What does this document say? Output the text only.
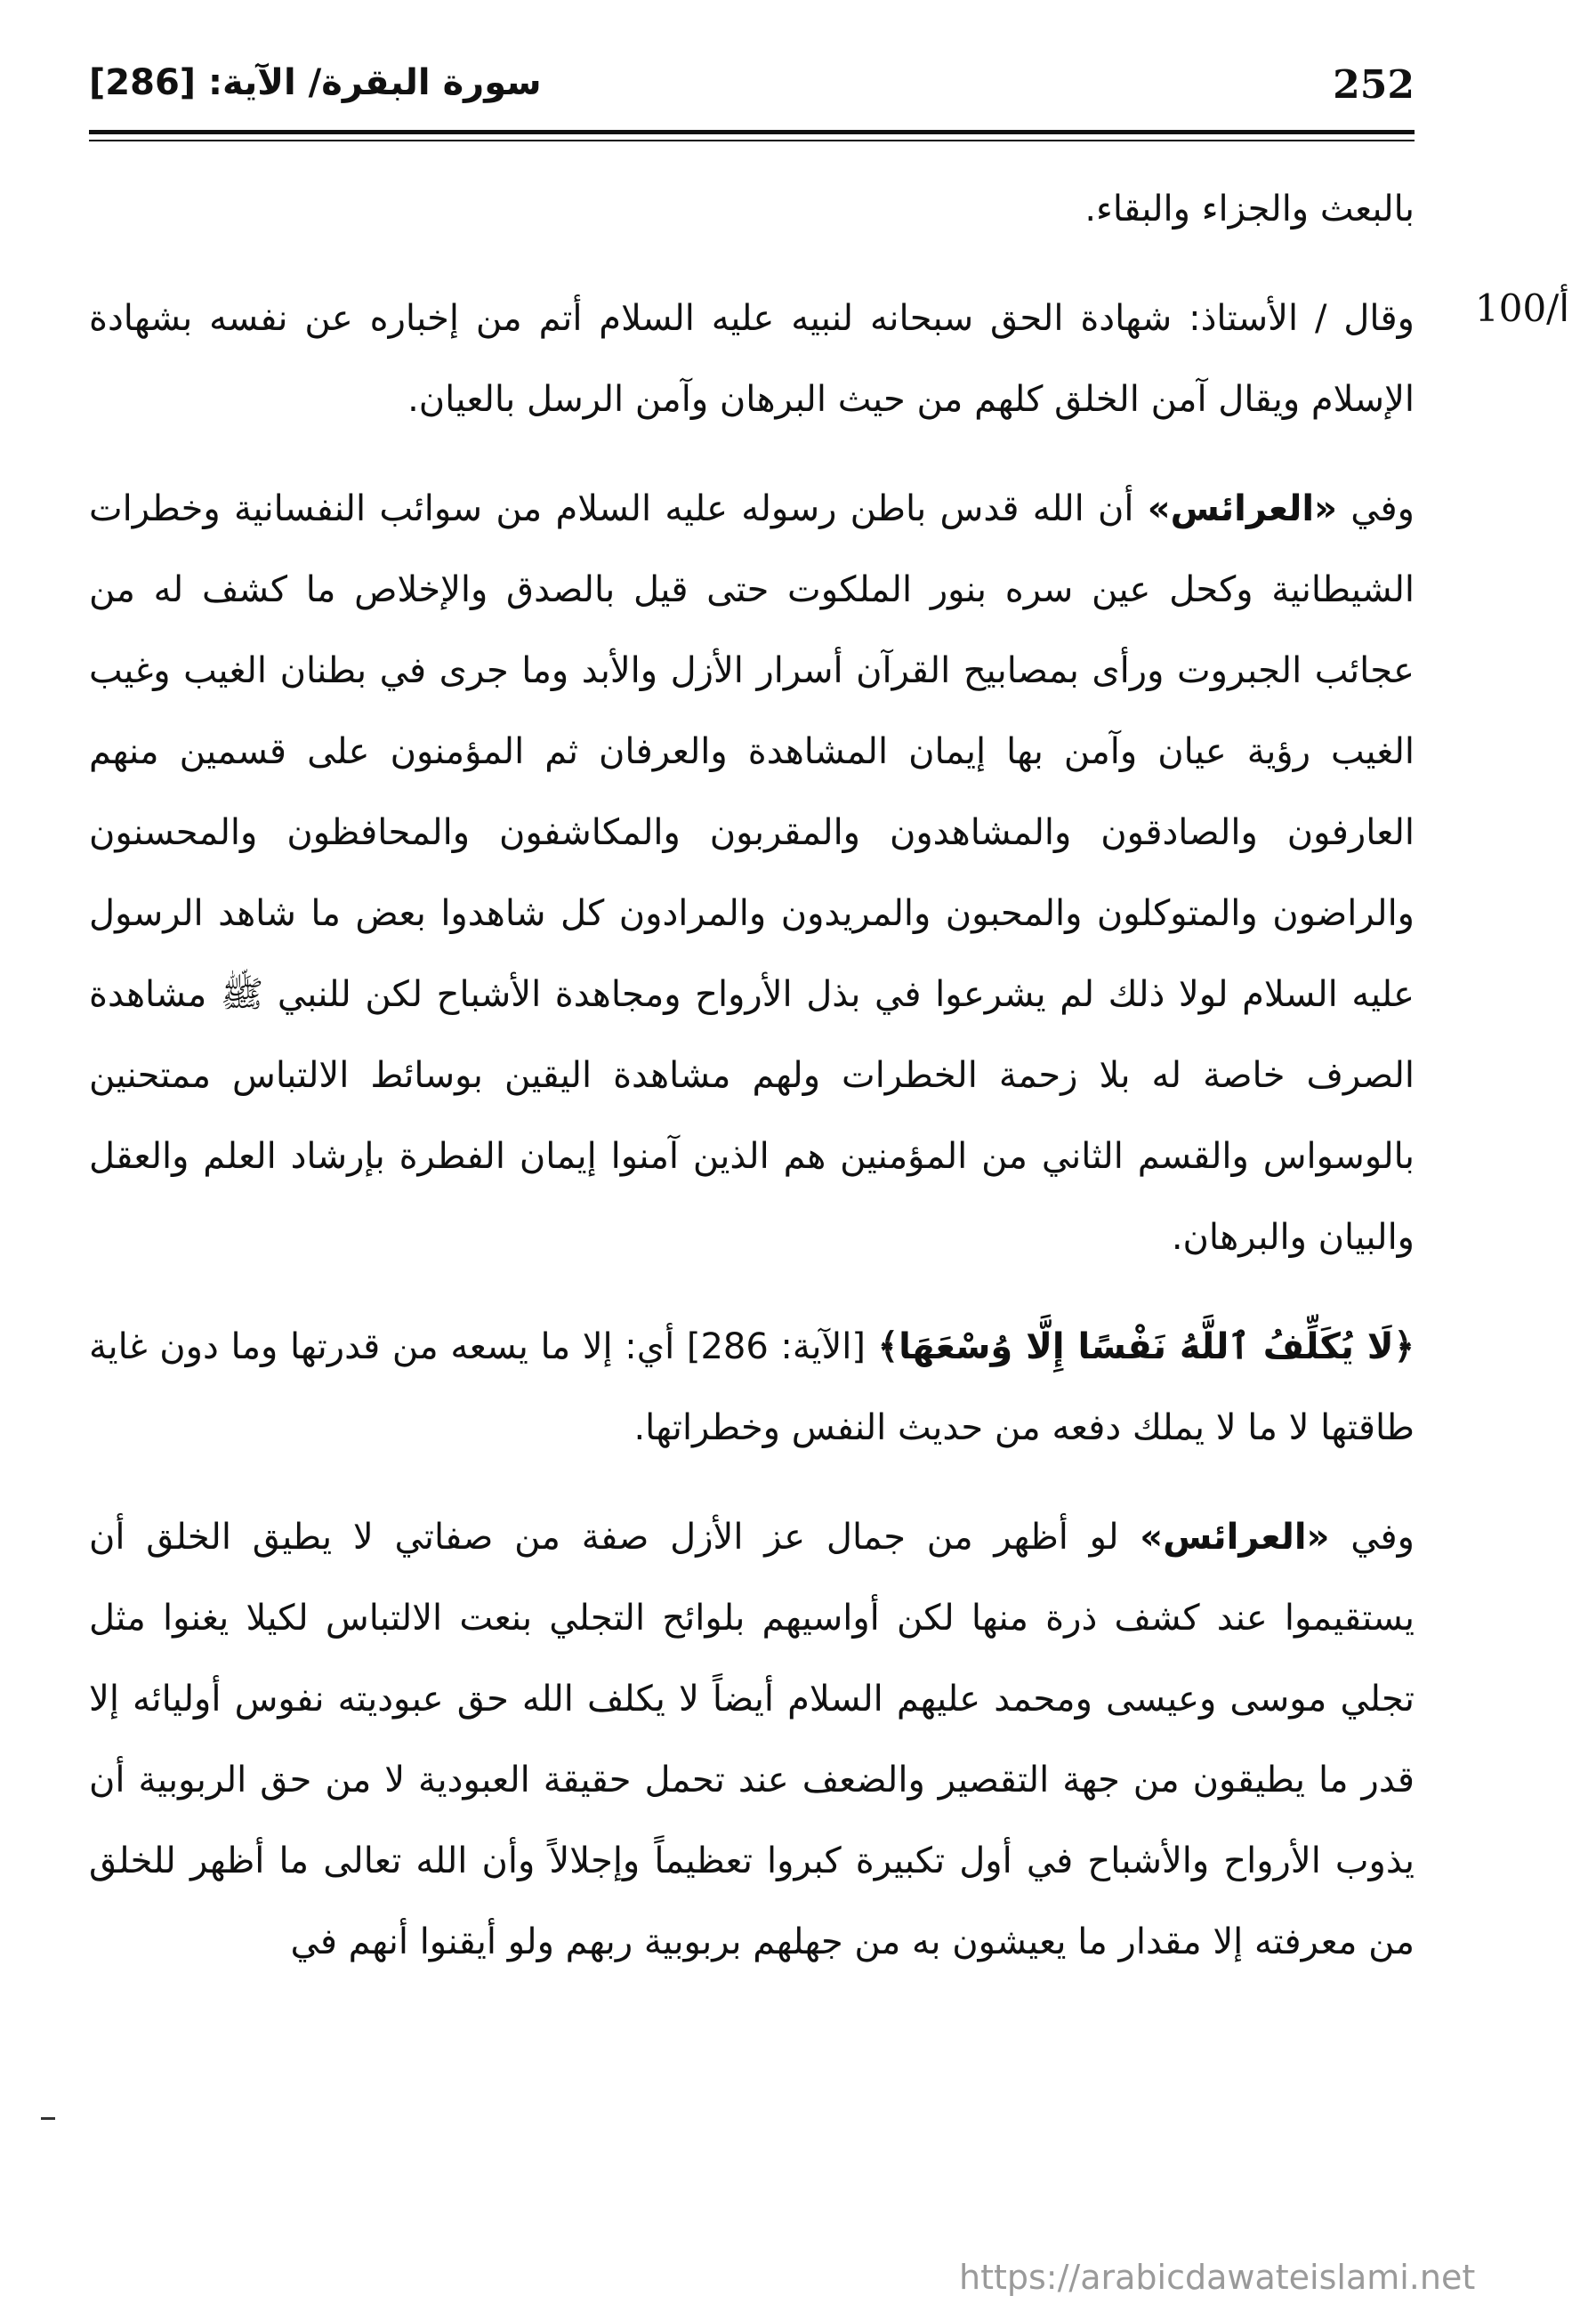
252
سورة البقرة/ الآية: [286]
100/أ

بالبعث والجزاء والبقاء.

وقال / الأستاذ: شهادة الحق سبحانه لنبيه عليه السلام أتم من إخباره عن نفسه بشهادة الإسلام ويقال آمن الخلق كلهم من حيث البرهان وآمن الرسل بالعيان.

وفي «العرائس» أن الله قدس باطن رسوله عليه السلام من سوائب النفسانية وخطرات الشيطانية وكحل عين سره بنور الملكوت حتى قيل بالصدق والإخلاص ما كشف له من عجائب الجبروت ورأى بمصابيح القرآن أسرار الأزل والأبد وما جرى في بطنان الغيب وغيب الغيب رؤية عيان وآمن بها إيمان المشاهدة والعرفان ثم المؤمنون على قسمين منهم العارفون والصادقون والمشاهدون والمقربون والمكاشفون والمحافظون والمحسنون والراضون والمتوكلون والمحبون والمريدون والمرادون كل شاهدوا بعض ما شاهد الرسول عليه السلام لولا ذلك لم يشرعوا في بذل الأرواح ومجاهدة الأشباح لكن للنبي ﷺ مشاهدة الصرف خاصة له بلا زحمة الخطرات ولهم مشاهدة اليقين بوسائط الالتباس ممتحنين بالوسواس والقسم الثاني من المؤمنين هم الذين آمنوا إيمان الفطرة بإرشاد العلم والعقل والبيان والبرهان.

﴿لَا يُكَلِّفُ ٱللَّهُ نَفْسًا إِلَّا وُسْعَهَا﴾ [الآية: 286] أي: إلا ما يسعه من قدرتها وما دون غاية طاقتها لا ما لا يملك دفعه من حديث النفس وخطراتها.

وفي «العرائس» لو أظهر من جمال عز الأزل صفة من صفاتي لا يطيق الخلق أن يستقيموا عند كشف ذرة منها لكن أواسيهم بلوائح التجلي بنعت الالتباس لكيلا يغنوا مثل تجلي موسى وعيسى ومحمد عليهم السلام أيضاً لا يكلف الله حق عبوديته نفوس أوليائه إلا قدر ما يطيقون من جهة التقصير والضعف عند تحمل حقيقة العبودية لا من حق الربوبية أن يذوب الأرواح والأشباح في أول تكبيرة كبروا تعظيماً وإجلالاً وأن الله تعالى ما أظهر للخلق من معرفته إلا مقدار ما يعيشون به من جهلهم بربوبية ربهم ولو أيقنوا أنهم في

https://arabicdawateislami.net
